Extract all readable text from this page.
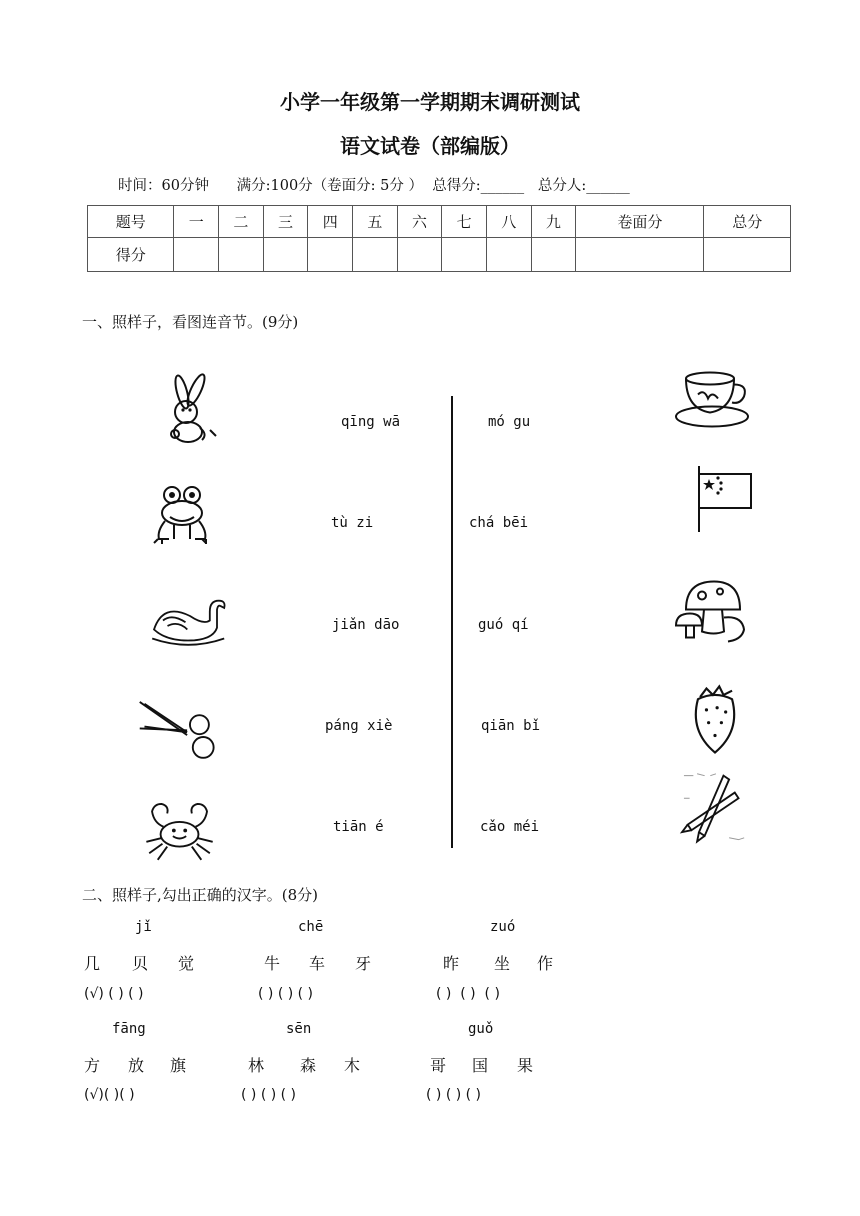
小学一年级第一学期期末调研测试
语文试卷（部编版）
时间：60分钟      满分:100分（卷面分: 5分 ）  总得分:______   总分人:______
题号	一	二	三	四	五	六	七	八	九	卷面分	总分
得分											
一、照样子，看图连音节。(9分)
qīng wā
tù zi
jiǎn dāo
páng xiè
tiān é
mó gu
chá bēi
guó qí
qiān bǐ
cǎo méi
二、照样子,勾出正确的汉字。(8分)
jǐ	chē	zuó
几 贝 觉	牛 车 牙	昨 坐 作
(√) ( ) ( )	( ) ( ) ( )	( )  ( )  ( )
fāng	sēn	guǒ
方 放 旗	林 森 木	哥 国 果
(√)( )( )	( ) ( ) ( )	( ) ( ) ( )
